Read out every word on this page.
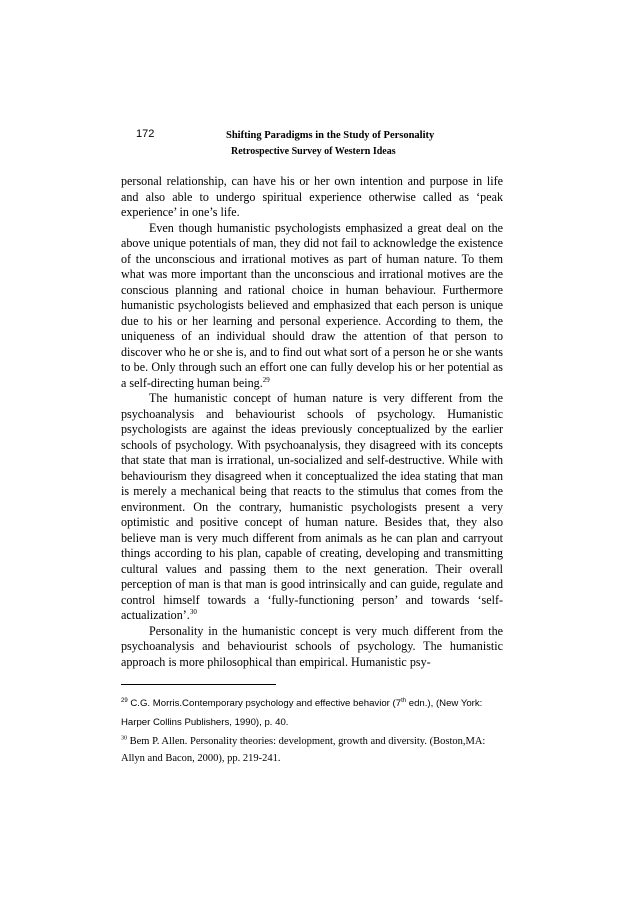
172	Shifting Paradigms in the Study of Personality
Retrospective Survey of Western Ideas

personal relationship, can have his or her own intention and purpose in life and also able to undergo spiritual experience otherwise called as ‘peak experience’ in one’s life.

Even though humanistic psychologists emphasized a great deal on the above unique potentials of man, they did not fail to acknowledge the existence of the unconscious and irrational motives as part of human nature. To them what was more important than the unconscious and irrational motives are the conscious planning and rational choice in human behaviour. Furthermore humanistic psychologists believed and emphasized that each person is unique due to his or her learning and personal experience. According to them, the uniqueness of an individual should draw the attention of that person to discover who he or she is, and to find out what sort of a person he or she wants to be. Only through such an effort one can fully develop his or her potential as a self-directing human being.$^{29}$

The humanistic concept of human nature is very different from the psychoanalysis and behaviourist schools of psychology. Humanistic psychologists are against the ideas previously conceptualized by the earlier schools of psychology. With psychoanalysis, they disagreed with its concepts that state that man is irrational, un-socialized and self-destructive. While with behaviourism they disagreed when it conceptualized the idea stating that man is merely a mechanical being that reacts to the stimulus that comes from the environment. On the contrary, humanistic psychologists present a very optimistic and positive concept of human nature. Besides that, they also believe man is very much different from animals as he can plan and carryout things according to his plan, capable of creating, developing and transmitting cultural values and passing them to the next generation. Their overall perception of man is that man is good intrinsically and can guide, regulate and control himself towards a ‘fully-functioning person’ and towards ‘self-actualization’.$^{30}$

Personality in the humanistic concept is very much different from the psychoanalysis and behaviourist schools of psychology. The humanistic approach is more philosophical than empirical. Humanistic psy-

$^{29}$ C.G. Morris.Contemporary psychology and effective behavior (7th edn.), (New York: Harper Collins Publishers, 1990), p. 40.
$^{30}$ Bem P. Allen. Personality theories: development, growth and diversity. (Boston,MA: Allyn and Bacon, 2000), pp. 219-241.
